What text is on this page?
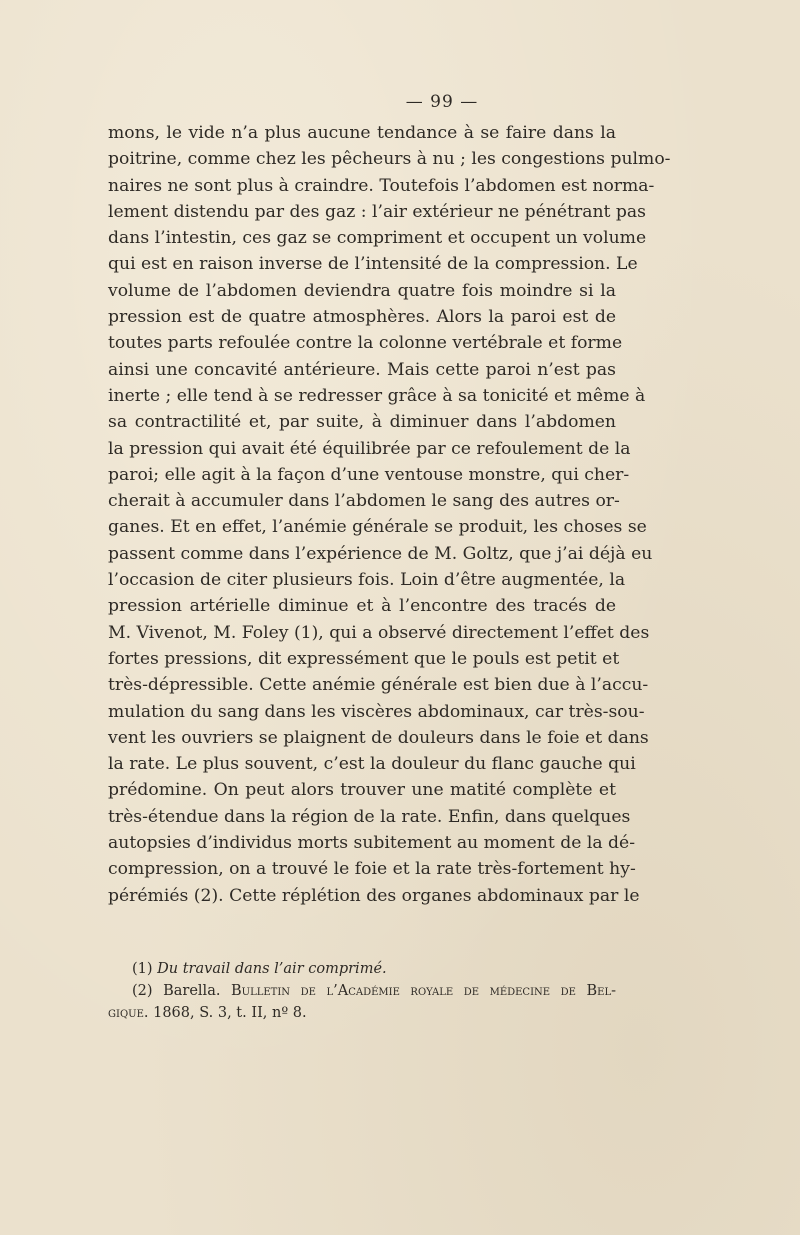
— 99 —
mons, le vide n’a plus aucune tendance à se faire dans la
poitrine, comme chez les pêcheurs à nu ; les congestions pulmo-
naires ne sont plus à craindre. Toutefois l’abdomen est norma-
lement distendu par des gaz : l’air extérieur ne pénétrant pas
dans l’intestin, ces gaz se compriment et occupent un volume
qui est en raison inverse de l’intensité de la compression. Le
volume de l’abdomen deviendra quatre fois moindre si la
pression est de quatre atmosphères. Alors la paroi est de
toutes parts refoulée contre la colonne vertébrale et forme
ainsi une concavité antérieure. Mais cette paroi n’est pas
inerte ; elle tend à se redresser grâce à sa tonicité et même à
sa contractilité et, par suite, à diminuer dans l’abdomen
la pression qui avait été équilibrée par ce refoulement de la
paroi; elle agit à la façon d’une ventouse monstre, qui cher-
cherait à accumuler dans l’abdomen le sang des autres or-
ganes. Et en effet, l’anémie générale se produit, les choses se
passent comme dans l’expérience de M. Goltz, que j’ai déjà eu
l’occasion de citer plusieurs fois. Loin d’être augmentée, la
pression artérielle diminue et à l’encontre des tracés de
M. Vivenot, M. Foley (1), qui a observé directement l’effet des
fortes pressions, dit expressément que le pouls est petit et
très-dépressible. Cette anémie générale est bien due à l’accu-
mulation du sang dans les viscères abdominaux, car très-sou-
vent les ouvriers se plaignent de douleurs dans le foie et dans
la rate. Le plus souvent, c’est la douleur du flanc gauche qui
prédomine. On peut alors trouver une matité complète et
très-étendue dans la région de la rate. Enfin, dans quelques
autopsies d’individus morts subitement au moment de la dé-
compression, on a trouvé le foie et la rate très-fortement hy-
pérémiés (2). Cette réplétion des organes abdominaux par le
(1) Du travail dans l’air comprimé.
(2) Barella. Bulletin de l’Académie royale de médecine de Bel-
gique. 1868, S. 3, t. II, nº 8.
